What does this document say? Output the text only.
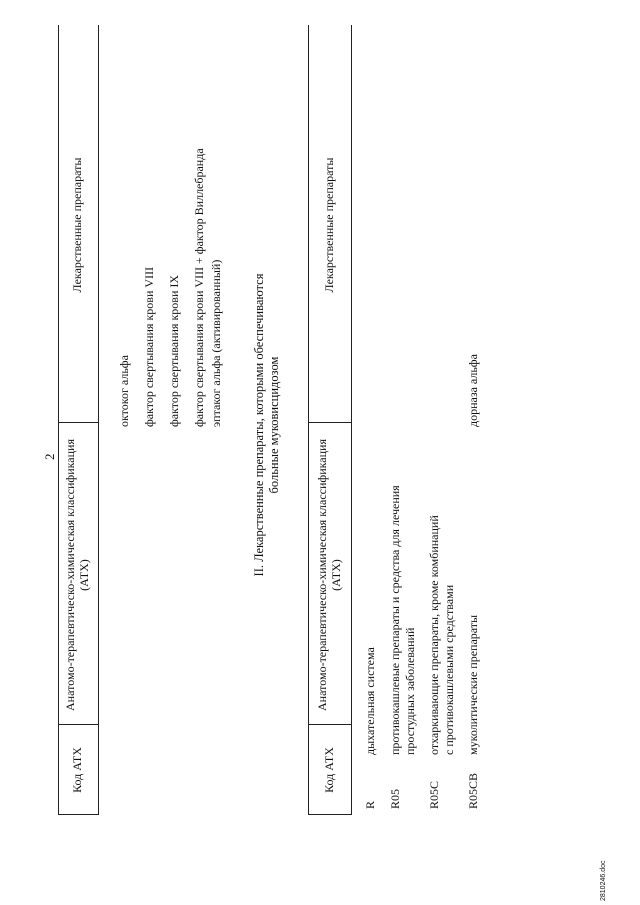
2
Код АТХ
Анатомо-терапевтическо-химическая классификация (АТХ)
Лекарственные препараты
октоког альфа фактор свертывания крови VIII фактор свертывания крови IX фактор свертывания крови VIII + фактор Виллебранда эптаког альфа (активированный) II. Лекарственные препараты, которыми обеспечиваются больные муковисцидозом
Код АТХ
Анатомо-терапевтическо-химическая классификация (АТХ)
Лекарственные препараты
R
дыхательная система
R05
противокашлевые препараты и средства для лечения простудных заболеваний
R05C
отхаркивающие препараты, кроме комбинаций с противокашлевыми средствами
R05CB
муколитические препараты
дорназа альфа
2810246.doc
